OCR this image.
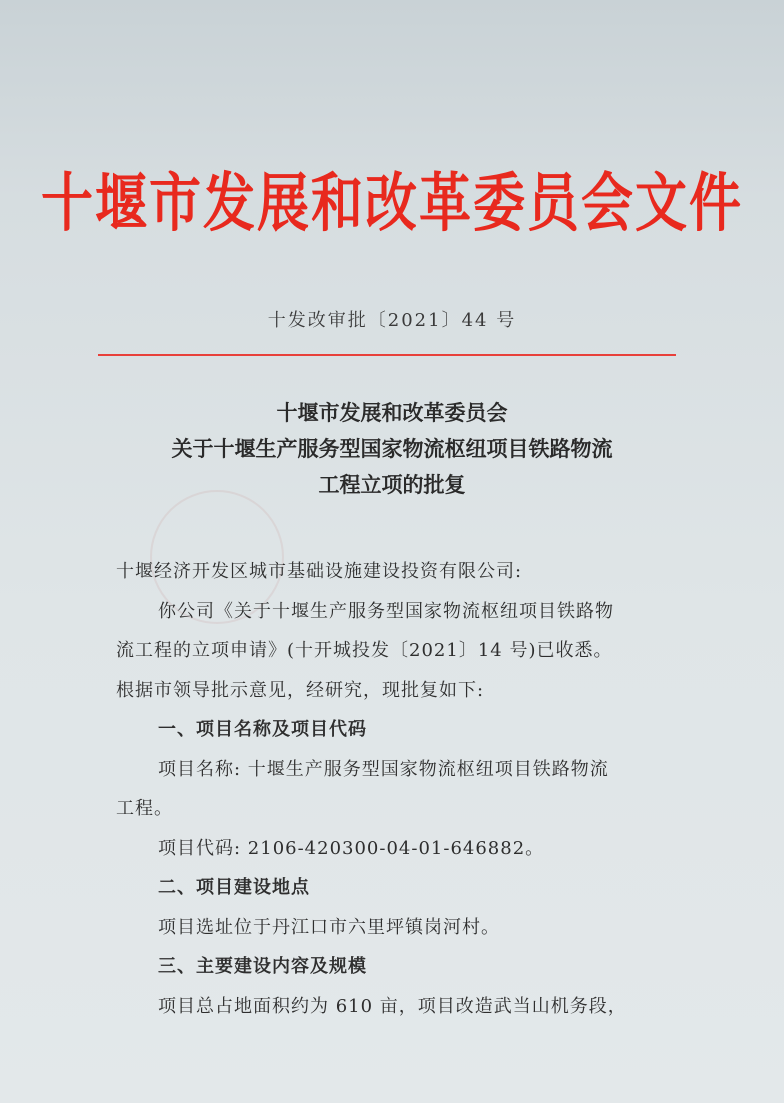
十堰市发展和改革委员会文件
十发改审批〔2021〕44 号
十堰市发展和改革委员会
关于十堰生产服务型国家物流枢纽项目铁路物流
工程立项的批复
十堰经济开发区城市基础设施建设投资有限公司:
你公司《关于十堰生产服务型国家物流枢纽项目铁路物
流工程的立项申请》(十开城投发〔2021〕14 号)已收悉。
根据市领导批示意见，经研究，现批复如下:
一、项目名称及项目代码
项目名称: 十堰生产服务型国家物流枢纽项目铁路物流
工程。
项目代码: 2106-420300-04-01-646882。
二、项目建设地点
项目选址位于丹江口市六里坪镇岗河村。
三、主要建设内容及规模
项目总占地面积约为 610 亩，项目改造武当山机务段，
